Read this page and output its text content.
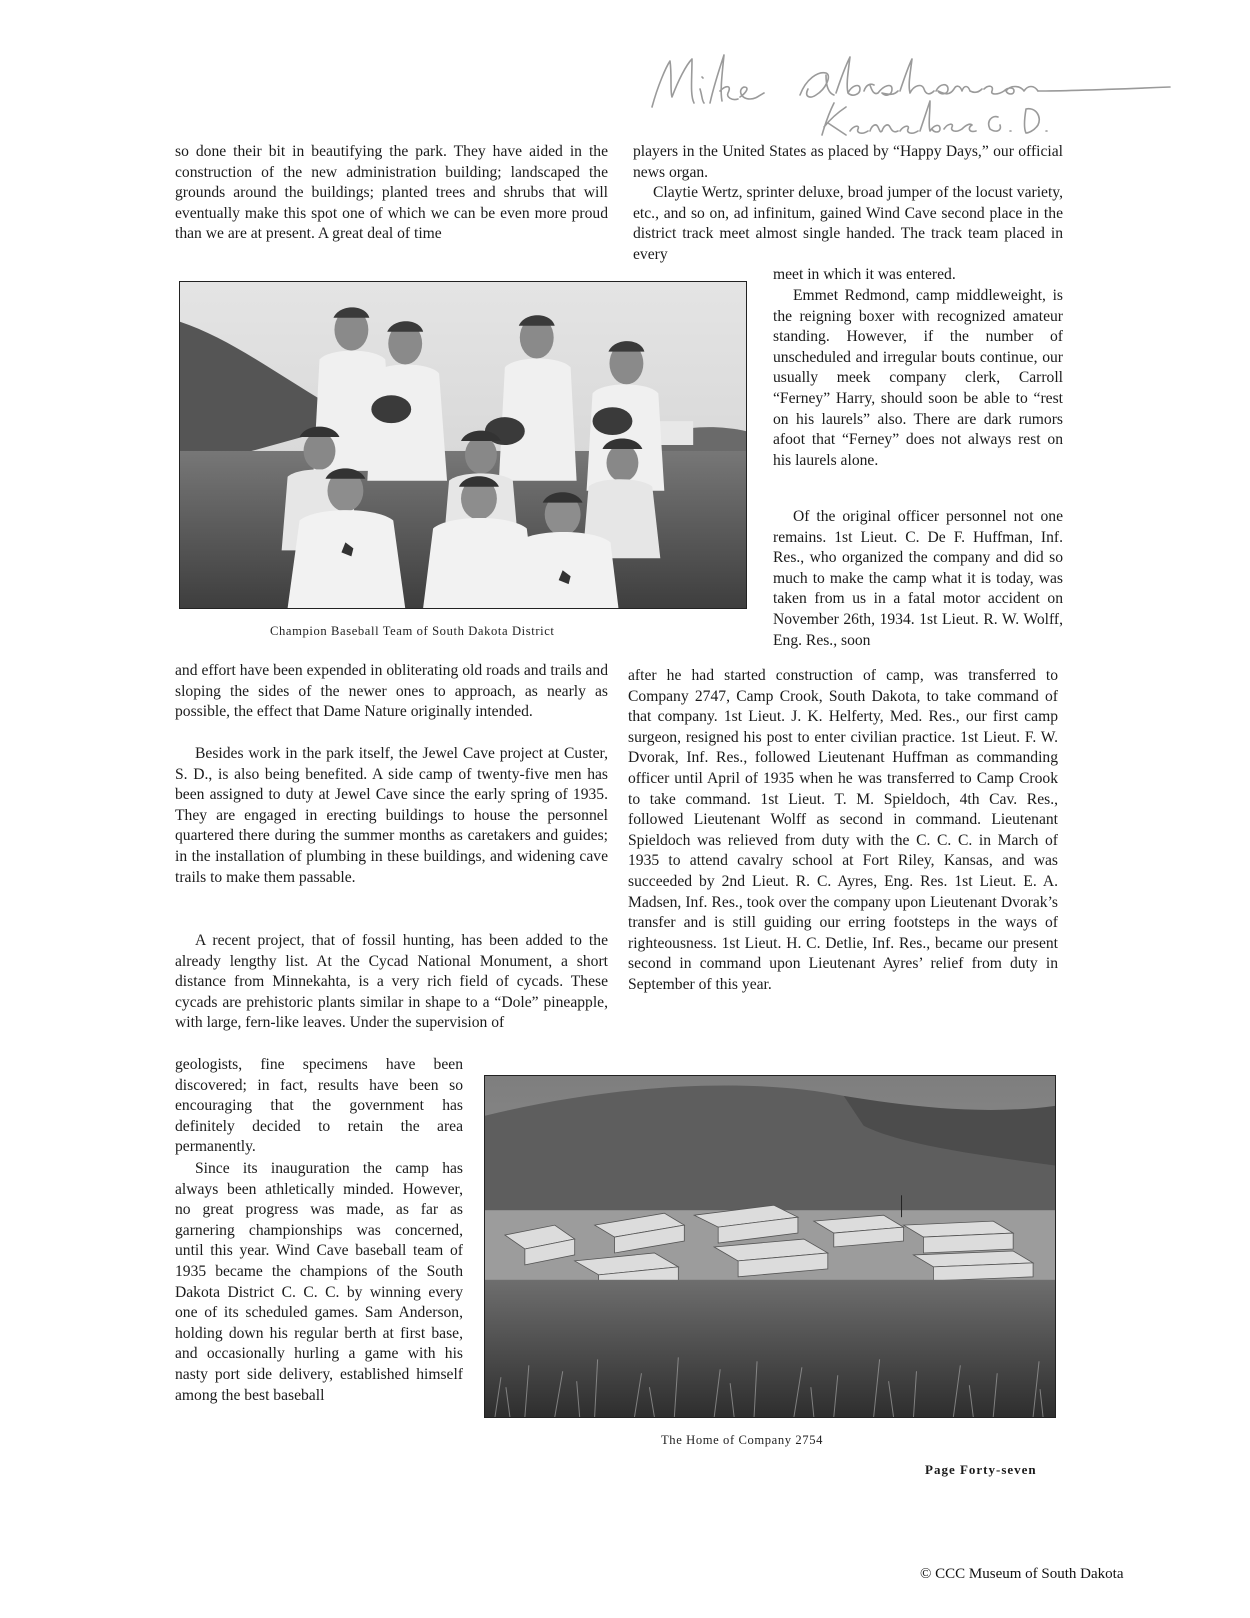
so done their bit in beautifying the park. They have aided in the construction of the new administration building; landscaped the grounds around the buildings; planted trees and shrubs that will eventually make this spot one of which we can be even more proud than we are at present. A great deal of time

players in the United States as placed by “Happy Days,” our official news organ.

Claytie Wertz, sprinter deluxe, broad jumper of the locust variety, etc., and so on, ad infinitum, gained Wind Cave second place in the district track meet almost single handed. The track team placed in every

meet in which it was entered.

Emmet Redmond, camp middleweight, is the reigning boxer with recognized amateur standing. However, if the number of unscheduled and irregular bouts continue, our usually meek company clerk, Carroll “Ferney” Harry, should soon be able to “rest on his laurels” also. There are dark rumors afoot that “Ferney” does not always rest on his laurels alone.

Of the original officer personnel not one remains. 1st Lieut. C. De F. Huffman, Inf. Res., who organized the company and did so much to make the camp what it is today, was taken from us in a fatal motor accident on November 26th, 1934. 1st Lieut. R. W. Wolff, Eng. Res., soon

Champion Baseball Team of South Dakota District

and effort have been expended in obliterating old roads and trails and sloping the sides of the newer ones to approach, as nearly as possible, the effect that Dame Nature originally intended.

Besides work in the park itself, the Jewel Cave project at Custer, S. D., is also being benefited. A side camp of twenty-five men has been assigned to duty at Jewel Cave since the early spring of 1935. They are engaged in erecting buildings to house the personnel quartered there during the summer months as caretakers and guides; in the installation of plumbing in these buildings, and widening cave trails to make them passable.

A recent project, that of fossil hunting, has been added to the already lengthy list. At the Cycad National Monument, a short distance from Minnekahta, is a very rich field of cycads. These cycads are prehistoric plants similar in shape to a “Dole” pineapple, with large, fern-like leaves. Under the supervision of

after he had started construction of camp, was transferred to Company 2747, Camp Crook, South Dakota, to take command of that company. 1st Lieut. J. K. Helferty, Med. Res., our first camp surgeon, resigned his post to enter civilian practice. 1st Lieut. F. W. Dvorak, Inf. Res., followed Lieutenant Huffman as commanding officer until April of 1935 when he was transferred to Camp Crook to take command. 1st Lieut. T. M. Spieldoch, 4th Cav. Res., followed Lieutenant Wolff as second in command. Lieutenant Spieldoch was relieved from duty with the C. C. C. in March of 1935 to attend cavalry school at Fort Riley, Kansas, and was succeeded by 2nd Lieut. R. C. Ayres, Eng. Res. 1st Lieut. E. A. Madsen, Inf. Res., took over the company upon Lieutenant Dvorak’s transfer and is still guiding our erring footsteps in the ways of righteousness. 1st Lieut. H. C. Detlie, Inf. Res., became our present second in command upon Lieutenant Ayres’ relief from duty in September of this year.

geologists, fine specimens have been discovered; in fact, results have been so encouraging that the government has definitely decided to retain the area permanently.

Since its inauguration the camp has always been athletically minded. However, no great progress was made, as far as garnering championships was concerned, until this year. Wind Cave baseball team of 1935 became the champions of the South Dakota District C. C. C. by winning every one of its scheduled games. Sam Anderson, holding down his regular berth at first base, and occasionally hurling a game with his nasty port side delivery, established himself among the best baseball

The Home of Company 2754

Page Forty-seven

© CCC Museum of South Dakota
